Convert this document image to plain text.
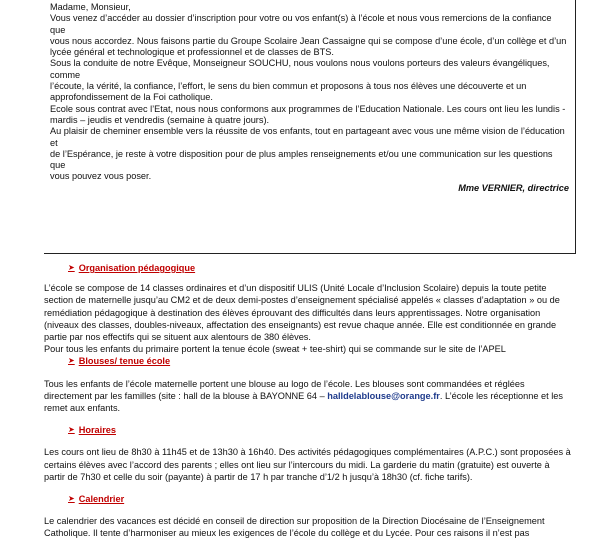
Madame, Monsieur,

Vous venez d’accéder au dossier d’inscription pour votre ou vos enfant(s) à l’école et nous vous remercions de la confiance que

vous nous accordez. Nous faisons partie du Groupe Scolaire Jean Cassaigne qui se compose d’une école, d’un collège et d’un

lycée général et technologique et professionnel et de classes de BTS.

Sous la conduite de notre Evêque, Monseigneur SOUCHU, nous voulons nous voulons porteurs des valeurs évangéliques, comme

l’écoute, la vérité, la confiance, l’effort, le sens du bien commun et proposons à tous nos élèves une découverte et un

approfondissement de la Foi catholique.

Ecole sous contrat avec l’Etat, nous nous conformons aux programmes de l’Education Nationale. Les cours ont lieu les lundis -

mardis – jeudis et vendredis (semaine à quatre jours).

Au plaisir de cheminer ensemble vers la réussite de vos enfants, tout en partageant avec vous une même vision de l’éducation et

de l’Espérance, je reste à votre disposition pour de plus amples renseignements et/ou une communication sur les questions que

vous pouvez vous poser.

Mme VERNIER, directrice

➤ Organisation pédagogique

L’école se compose de 14 classes ordinaires et d’un dispositif ULIS (Unité Locale d’Inclusion Scolaire) depuis la toute petite

section de maternelle jusqu’au CM2 et de deux demi-postes d’enseignement spécialisé appelés « classes d’adaptation » ou de

remédiation pédagogique à destination des élèves éprouvant des difficultés dans leurs apprentissages. Notre organisation

(niveaux des classes, doubles-niveaux, affectation des enseignants) est revue chaque année. Elle est conditionnée en grande

partie par nos effectifs qui se situent aux alentours de 380 élèves.

Pour tous les enfants du primaire portent la tenue école (sweat + tee-shirt) qui se commande sur le site de l’APEL

➤ Blouses/ tenue école

Tous les enfants de l’école maternelle portent une blouse au logo de l’école. Les blouses sont commandées et réglées

directement par les familles (site : hall de la blouse à BAYONNE 64 – halldelablouse@orange.fr. L’école les réceptionne et les

remet aux enfants.

➤ Horaires

Les cours ont lieu de 8h30 à 11h45 et de 13h30 à 16h40. Des activités pédagogiques complémentaires (A.P.C.) sont proposées à

certains élèves avec l’accord des parents ; elles ont lieu sur l’intercours du midi. La garderie du matin (gratuite) est ouverte à

partir de 7h30 et celle du soir (payante) à partir de 17 h par tranche d’1/2 h jusqu’à 18h30 (cf. fiche tarifs).

➤ Calendrier

Le calendrier des vacances est décidé en conseil de direction sur proposition de la Direction Diocésaine de l’Enseignement

Catholique. Il tente d’harmoniser au mieux les exigences de l’école du collège et du Lycée. Pour ces raisons il n’est pas
